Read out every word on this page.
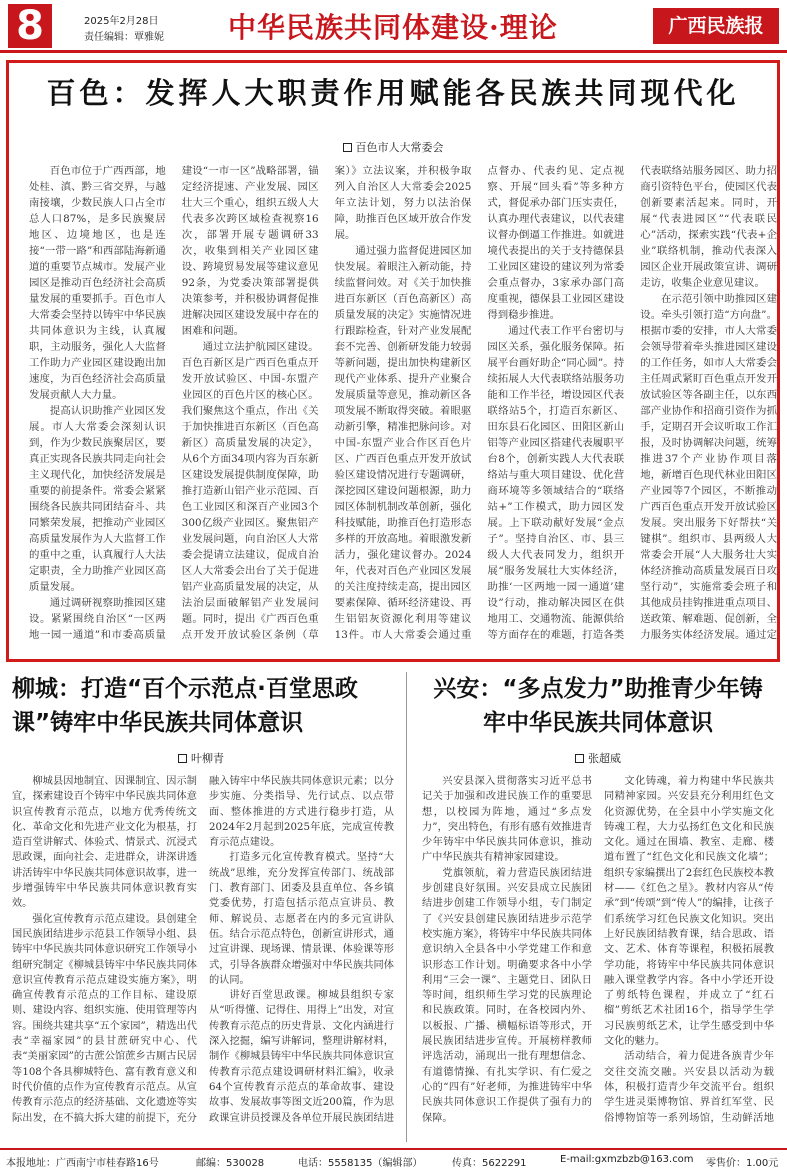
8	2025年2月28日
责任编辑：覃雅妮 中华民族共同体建设·理论	广西民族报
百色：发挥人大职责作用赋能各民族共同现代化
百色市人大常委会

百色市位于广西西部，地处桂、滇、黔三省交界，与越南接壤，少数民族人口占全市总人口87%，是多民族聚居地区、边境地区，也是连接“一带一路”和西部陆海新通道的重要节点城市。发展产业园区是推动百色经济社会高质量发展的重要抓手。百色市人大常委会坚持以铸牢中华民族共同体意识为主线，认真履职，主动服务，强化人大监督工作助力产业园区建设跑出加速度，为百色经济社会高质量发展贡献人大力量。

提高认识助推产业园区发展。市人大常委会深刻认识到，作为少数民族聚居区，要真正实现各民族共同走向社会主义现代化，加快经济发展是重要的前提条件。常委会紧紧围绕各民族共同团结奋斗、共同繁荣发展，把推动产业园区高质量发展作为人大监督工作的重中之重，认真履行人大法定职责，全力助推产业园区高质量发展。

通过调研视察助推园区建设。紧紧围绕自治区“一区两地一园一通道”和市委高质量建设“一市一区”战略部署，锚定经济提速、产业发展、园区壮大三个重心，组织五级人大代表多次跨区域检查视察16次，部署开展专题调研33次，收集到相关产业园区建设、跨境贸易发展等建议意见92条，为党委决策部署提供决策参考，并积极协调督促推进解决园区建设发展中存在的困难和问题。

通过立法护航园区建设。百色百新区是广西百色重点开发开放试验区、中国-东盟产业园区的百色片区的核心区。我们聚焦这个重点，作出《关于加快推进百东新区（百色高新区）高质量发展的决定》，从6个方面34项内容为百东新区建设发展提供制度保障，助推打造新山铝产业示范园、百色工业园区和深百产业园3个300亿级产业园区。聚焦铝产业发展问题，向自治区人大常委会提请立法建议，促成自治区人大常委会出台了关于促进铝产业高质量发展的决定，从法治层面破解铝产业发展问题。同时，提出《广西百色重点开发开放试验区条例（草案）》立法议案，并积极争取列入自治区人大常委会2025年立法计划，努力以法治保障，助推百色区域开放合作发展。

通过强力监督促进园区加快发展。着眼注入新动能，持续监督问效。对《关于加快推进百东新区（百色高新区）高质量发展的决定》实施情况进行跟踪检查，针对产业发展配套不完善、创新研发能力较弱等新问题，提出加快构建新区现代产业体系、提升产业聚合发展质量等意见，推动新区各项发展不断取得突破。着眼驱动新引擎，精准把脉问诊。对中国-东盟产业合作区百色片区、广西百色重点开发开放试验区建设情况进行专题调研，深挖园区建设问题根源，助力园区体制机制改革创新，强化科技赋能，助推百色打造形态多样的开放高地。着眼激发新活力，强化建议督办。2024年，代表对百色产业园区发展的关注度持续走高，提出园区要素保障、循环经济建设、再生铝铝灰资源化利用等建议13件。市人大常委会通过重点督办、代表约见、定点视察、开展“回头看”等多种方式，督促承办部门压实责任，认真办理代表建议，以代表建议督办倒逼工作推进。如就进境代表提出的关于支持德保县工业园区建设的建议列为常委会重点督办，3家承办部门高度重视，德保县工业园区建设得到稳步推进。

通过代表工作平台密切与园区关系，强化服务保障。拓展平台画好助企“同心圆”。持续拓展人大代表联络站服务功能和工作半径，增设园区代表联络站5个，打造百东新区、田东县石化园区、田阳区新山铝等产业园区搭建代表履职平台8个，创新实践人大代表联络站与重大项目建设、优化营商环境等多领域结合的“联络站+”工作模式，助力园区发展。上下联动献好发展“金点子”。坚持自治区、市、县三级人大代表同发力，组织开展“服务发展壮大实体经济，助推‘一区两地一园一通道’建设”行动，推动解决园区在供地用工、交通物流、能源供给等方面存在的难题，打造各类代表联络站服务园区、助力招商引资特色平台，使园区代表创新要素活起来。同时，开展“代表进园区”“代表联民心”活动，探索实践“代表+企业”联络机制，推动代表深入园区企业开展政策宣讲、调研走访，收集企业意见建议。

在示范引领中助推园区建设。牵头引领打造“方向盘”。根据市委的安排，市人大常委会领导带着牵头推进园区建设的工作任务，如市人大常委会主任周武紧盯百色重点开发开放试验区等各副主任，以东西部产业协作和招商引资作为抓手，定期召开会议听取工作汇报，及时协调解决问题，统筹推进37个产业协作项目落地，新增百色现代林业田阳区产业园等7个园区，不断推动广西百色重点开发开放试验区发展。突出服务下好帮扶“关键棋”。组织市、县两级人大常委会开展“人大服务壮大实体经济推动高质量发展百日攻坚行动”，实施常委会班子和其他成员挂钩推进重点项目、送政策、解难题、促创新，全力服务实体经济发展。通过定

柳城：打造“百个示范点·百堂思政课”铸牢中华民族共同体意识
叶柳青

柳城县因地制宜、因课制宜、因示制宜，探索建设百个铸牢中华民族共同体意识宣传教育示范点，以地方优秀传统文化、革命文化和先进产业文化为根基，打造百堂讲解式、体验式、情景式、沉浸式思政课，面向社会、走进群众，讲深讲透讲活铸牢中华民族共同体意识故事，进一步增强铸牢中华民族共同体意识教育实效。

强化宣传教育示范点建设。县创建全国民族团结进步示范县工作领导小组、县铸牢中华民族共同体意识研究工作领导小组研究制定《柳城县铸牢中华民族共同体意识宣传教育示范点建设实施方案》，明确宣传教育示范点的工作目标、建设原则、建设内容、组织实施、使用管理等内容。围绕共建共享“五个家园”，精选出代表“幸福家园”的县甘蔗研究中心、代表“美丽家园”的古蔗公馆蔗乡古厕古民居等108个各具柳城特色、富有教育意义和时代价值的点作为宣传教育示范点。从宣传教育示范点的经济基础、文化遗迹等实际出发，在不搞大拆大建的前提下，充分融入铸牢中华民族共同体意识元素；以分步实施、分类指导、先行试点、以点带面、整体推进的方式进行稳步打造，从2024年2月起到2025年底，完成宣传教育示范点建设。

打造多元化宣传教育模式。坚持“大统战”思维，充分发挥宣传部门、统战部门、教育部门、团委及县直单位、各乡镇党委优势，打造包括示范点宣讲员、教师、解说员、志愿者在内的多元宣讲队伍。结合示范点特色，创新宣讲形式，通过宣讲课、现场课、情景课、体验课等形式，引导各族群众增强对中华民族共同体的认同。

讲好百堂思政课。柳城县组织专家从“听得懂、记得住、用得上”出发，对宣传教育示范点的历史背景、文化内涵进行深入挖掘，编写讲解词，整理讲解材料，制作《柳城县铸牢中华民族共同体意识宣传教育示范点建设调研材料汇编》，收录64个宣传教育示范点的革命故事、建设故事、发展故事等图文近200篇，作为思政课宣讲员授课及各单位开展民族团结进

兴安：“多点发力”助推青少年铸牢中华民族共同体意识
张超威

兴安县深入贯彻落实习近平总书记关于加强和改进民族工作的重要思想，以校园为阵地，通过“多点发力”，突出特色，有形有感有效推进青少年铸牢中华民族共同体意识，推动广中华民族共有精神家园建设。

党旗领航，着力营造民族团结进步创建良好氛围。兴安县成立民族团结进步创建工作领导小组，专门制定了《兴安县创建民族团结进步示范学校实施方案》，将铸牢中华民族共同体意识纳入全县各中小学党建工作和意识形态工作计划。明确要求各中小学利用“三会一课”、主题党日、团队日等时间，组织师生学习党的民族理论和民族政策。同时，在各校园内外、以板报、广播、横幅标语等形式，开展民族团结进步宣传。开展榜样教师评选活动，涌现出一批有理想信念、有道德情操、有扎实学识、有仁爱之心的“四有”好老师，为推进铸牢中华民族共同体意识工作提供了强有力的保障。

文化铸魂，着力构建中华民族共同精神家园。兴安县充分利用红色文化资源优势，在全县中小学实施文化铸魂工程，大力弘扬红色文化和民族文化。通过在围墙、教室、走廊、楼道布置了“红色文化和民族文化墙”；组织专家编撰出了2套红色民族校本教材——《红色之星》。教材内容从“传承”到“传颂”到“传人”的编排，让孩子们系统学习红色民族文化知识。突出上好民族团结教育课，结合思政、语文、艺术、体育等课程，积极拓展教学功能，将铸牢中华民族共同体意识融入课堂教学内容。各中小学还开设了剪纸特色课程，并成立了“红石榴”剪纸艺术社团16个，指导学生学习民族剪纸艺术，让学生感受到中华文化的魅力。

活动结合，着力促进各族青少年交往交流交融。兴安县以活动为载体，积极打造青少年交流平台。组织学生进灵渠博物馆、界首红军堂、民俗博物馆等一系列场馆，生动鲜活地

本报地址：广西南宁市桂春路16号	邮编：530028	电话：5558135（编辑部）	传真：5622291	E-mail:gxmzbzb@163.com 零售价：1.00元
